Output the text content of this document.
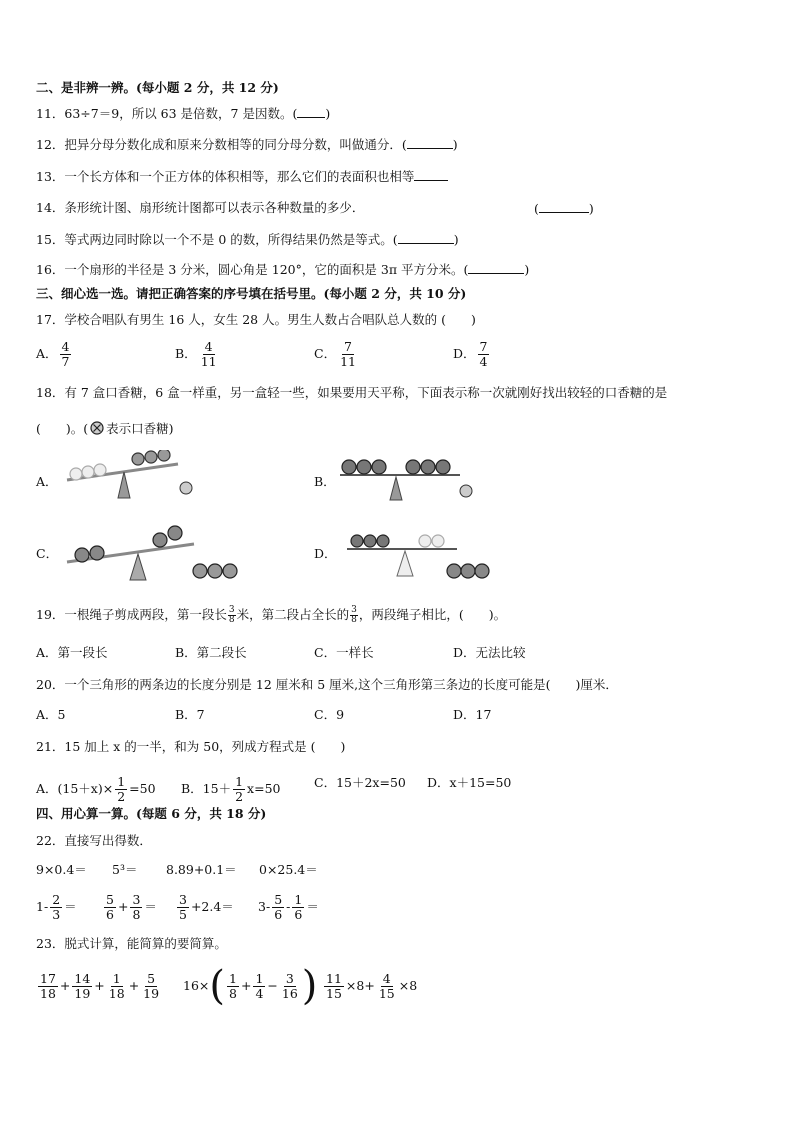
二、是非辨一辨。(每小题 2 分，共 12 分)
11．63÷7＝9，所以 63 是倍数，7 是因数。( )
12．把异分母分数化成和原来分数相等的同分母分数，叫做通分．(	)
13．一个长方体和一个正方体的体积相等，那么它们的表面积也相等
14．条形统计图、扇形统计图都可以表示各种数量的多少．	(	)
15．等式两边同时除以一个不是 0 的数，所得结果仍然是等式。(	)
16．一个扇形的半径是 3 分米，圆心角是 120°，它的面积是 3π 平方分米。(	)
三、细心选一选。请把正确答案的序号填在括号里。(每小题 2 分，共 10 分)
17．学校合唱队有男生 16 人，女生 28 人。男生人数占合唱队总人数的 (　　)
A． $\frac{4}{7}$	B． $\frac{4}{11}$	C． $\frac{7}{11}$	D． $\frac{7}{4}$
18．有 7 盒口香糖，6 盒一样重，另一盒轻一些，如果要用天平称，下面表示称一次就刚好找出较轻的口香糖的是
(　　)。( 表示口香糖)
A．	B．
C．	D．
19．一根绳子剪成两段，第一段长 $\frac{3}{8}$ 米，第二段占全长的 $\frac{3}{8}$ ，两段绳子相比，(　　)。
A．第一段长	B．第二段长	C．一样长	D．无法比较
20．一个三角形的两条边的长度分别是 12 厘米和 5 厘米,这个三角形第三条边的长度可能是(　　)厘米．
A．5	B．7	C．9	D．17
21．15 加上 x 的一半，和为 50，列成方程式是 (　　)
A．$(15+x)\times \frac{1}{2} =50$ B．$15+ \frac{1}{2} x=50$	C．15＋2x=50 D．x＋15=50
四、用心算一算。(每题 6 分，共 18 分)
22．直接写出得数．
9×0.4＝ 5³＝ 8.89+0.1＝ 0×25.4＝
$1- \frac{2}{3} = \frac{5}{6} + \frac{3}{8} = \frac{3}{5} +2.4= 3- \frac{5}{6} - \frac{1}{6}$ ＝
23．脱式计算，能简算的要简算。
$\frac{17}{18} + \frac{14}{19} + \frac{1}{18} + \frac{5}{19} 16\times( \frac{1}{8} + \frac{1}{4} - \frac{3}{16}$ ) $\frac{11}{15} \times 8+ \frac{4}{15} \times 8$
